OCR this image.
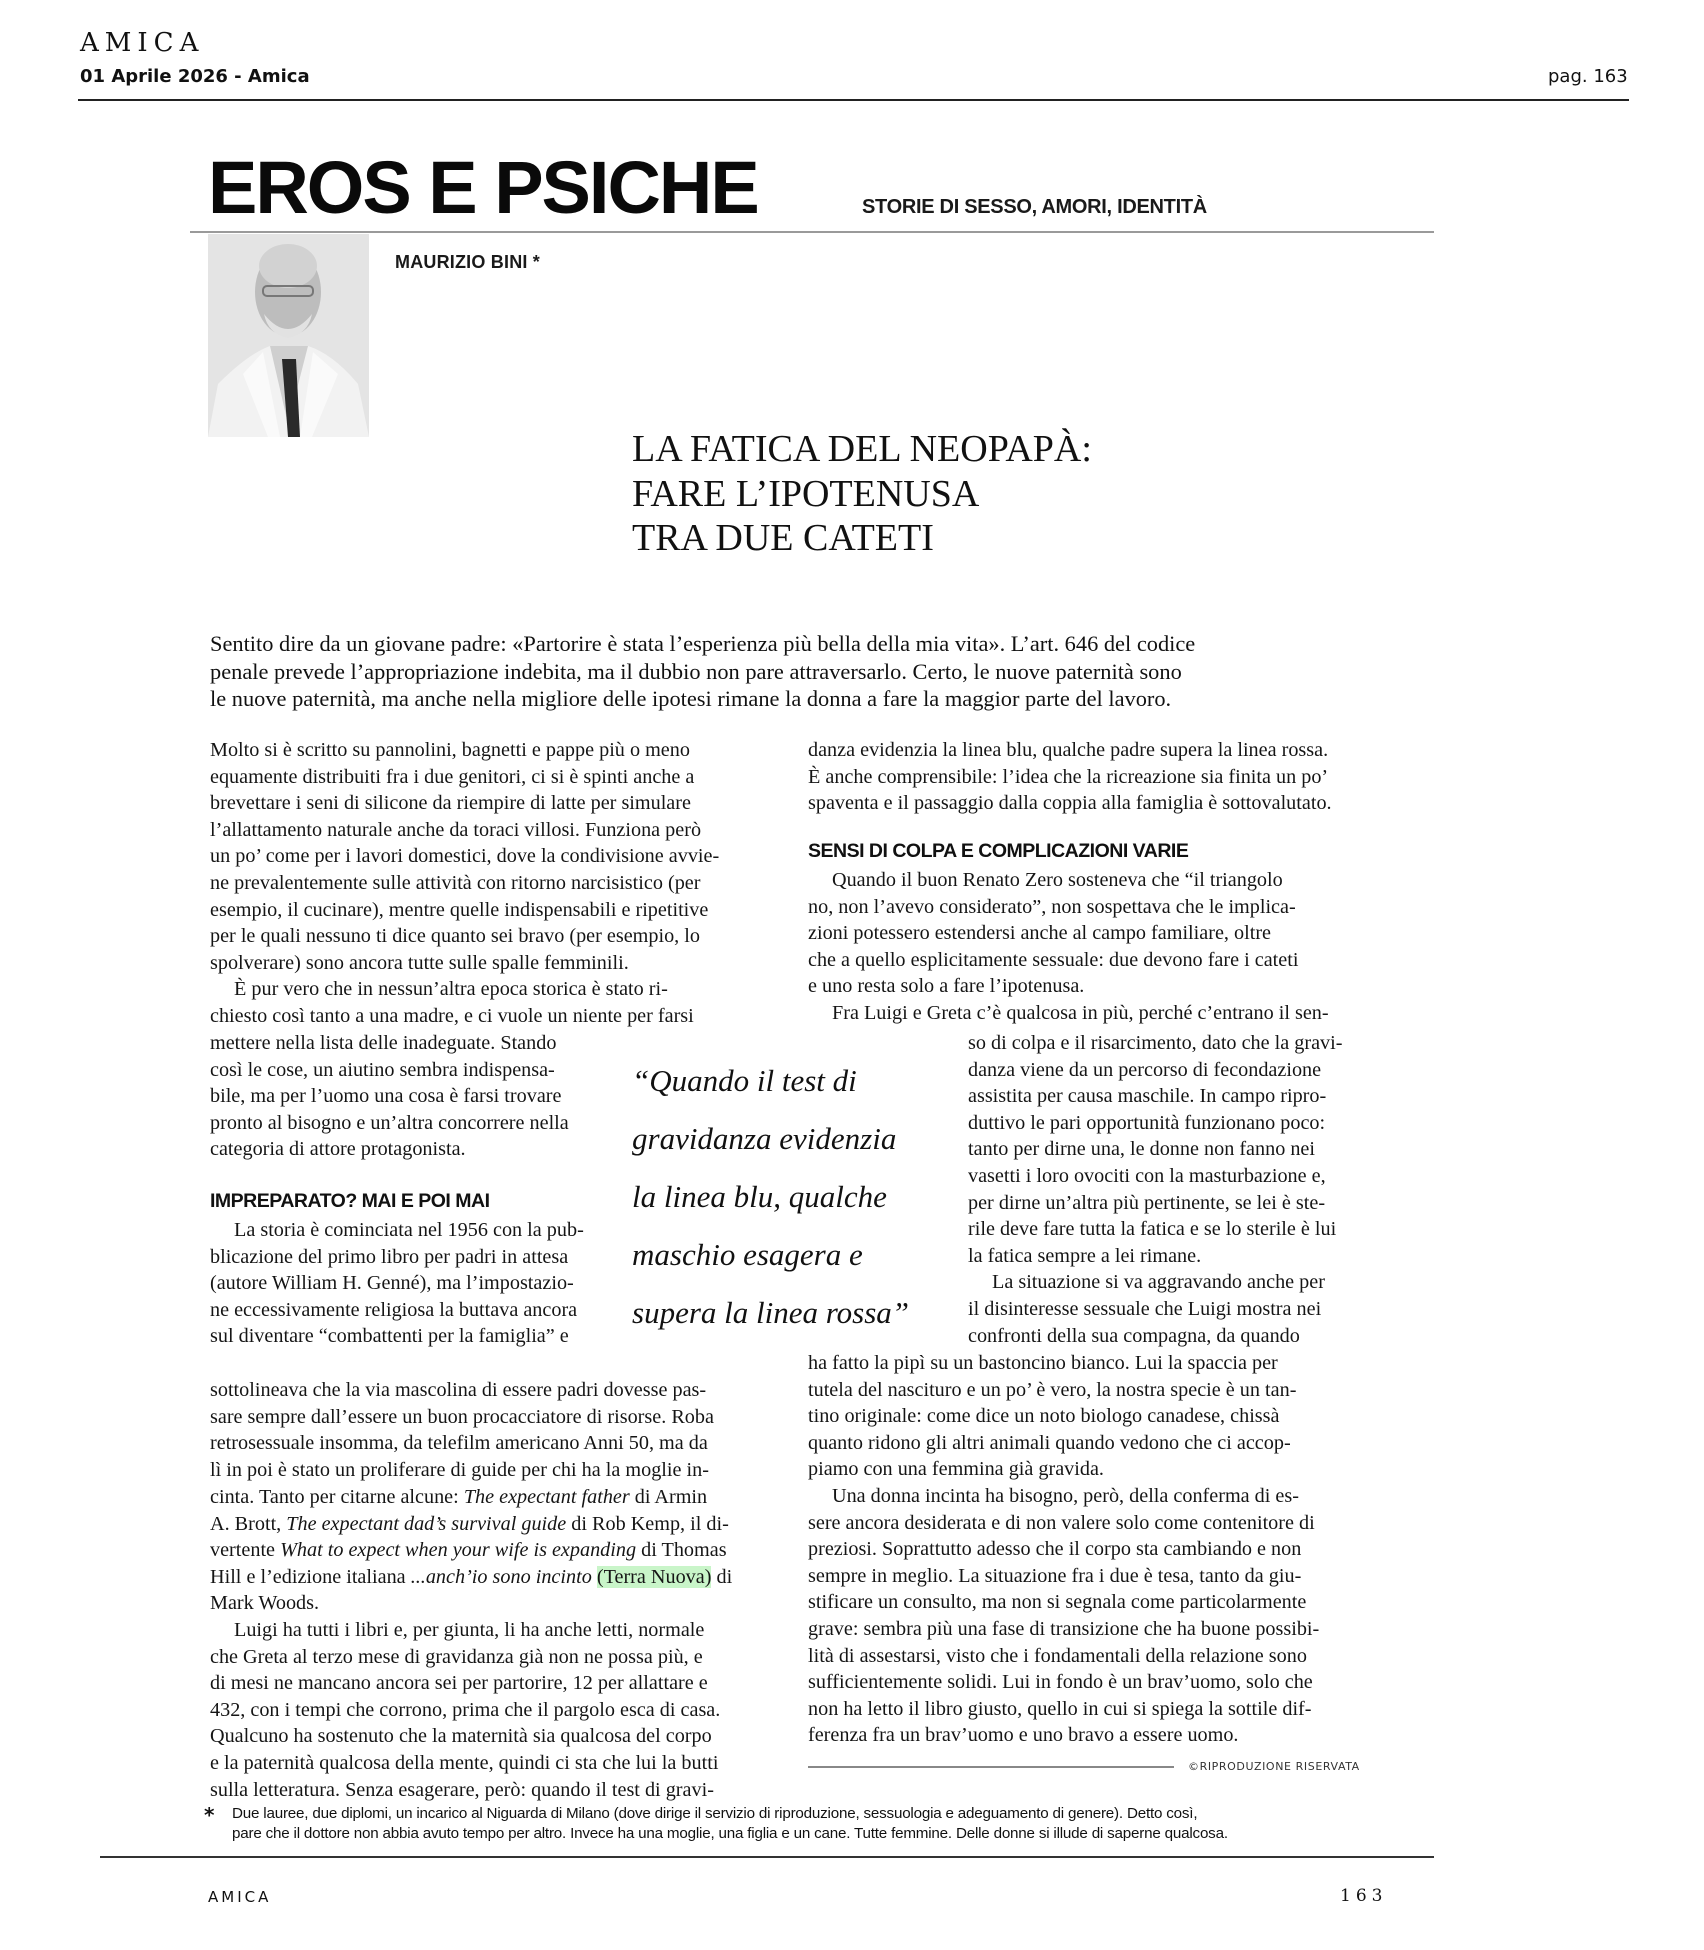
AMICA
01 Aprile 2026 - Amica	pag. 163
EROS E PSICHE	STORIE DI SESSO, AMORI, IDENTITÀ
MAURIZIO BINI *
LA FATICA DEL NEOPAPÀ:
FARE L’IPOTENUSA
TRA DUE CATETI
Sentito dire da un giovane padre: «Partorire è stata l’esperienza più bella della mia vita». L’art. 646 del codice
penale prevede l’appropriazione indebita, ma il dubbio non pare attraversarlo. Certo, le nuove paternità sono
le nuove paternità, ma anche nella migliore delle ipotesi rimane la donna a fare la maggior parte del lavoro.
Molto si è scritto su pannolini, bagnetti e pappe più o meno
equamente distribuiti fra i due genitori, ci si è spinti anche a
brevettare i seni di silicone da riempire di latte per simulare
l’allattamento naturale anche da toraci villosi. Funziona però
un po’ come per i lavori domestici, dove la condivisione avvie-
ne prevalentemente sulle attività con ritorno narcisistico (per
esempio, il cucinare), mentre quelle indispensabili e ripetitive
per le quali nessuno ti dice quanto sei bravo (per esempio, lo
spolverare) sono ancora tutte sulle spalle femminili.
È pur vero che in nessun’altra epoca storica è stato ri-
chiesto così tanto a una madre, e ci vuole un niente per farsi
mettere nella lista delle inadeguate. Stando
così le cose, un aiutino sembra indispensa-
bile, ma per l’uomo una cosa è farsi trovare
pronto al bisogno e un’altra concorrere nella
categoria di attore protagonista.
La storia è cominciata nel 1956 con la pub-
blicazione del primo libro per padri in attesa
(autore William H. Genné), ma l’impostazio-
ne eccessivamente religiosa la buttava ancora
sul diventare “combattenti per la famiglia” e
sottolineava che la via mascolina di essere padri dovesse pas-
sare sempre dall’essere un buon procacciatore di risorse. Roba
retrosessuale insomma, da telefilm americano Anni 50, ma da
lì in poi è stato un proliferare di guide per chi ha la moglie in-
Luigi ha tutti i libri e, per giunta, li ha anche letti, normale
che Greta al terzo mese di gravidanza già non ne possa più, e
di mesi ne mancano ancora sei per partorire, 12 per allattare e
432, con i tempi che corrono, prima che il pargolo esca di casa.
Qualcuno ha sostenuto che la maternità sia qualcosa del corpo
e la paternità qualcosa della mente, quindi ci sta che lui la butti
sulla letteratura. Senza esagerare, però: quando il test di gravi-
danza evidenzia la linea blu, qualche padre supera la linea rossa.
È anche comprensibile: l’idea che la ricreazione sia finita un po’
spaventa e il passaggio dalla coppia alla famiglia è sottovalutato.
Quando il buon Renato Zero sosteneva che “il triangolo
no, non l’avevo considerato”, non sospettava che le implica-
zioni potessero estendersi anche al campo familiare, oltre
che a quello esplicitamente sessuale: due devono fare i cateti
e uno resta solo a fare l’ipotenusa.
Fra Luigi e Greta c’è qualcosa in più, perché c’entrano il sen-
so di colpa e il risarcimento, dato che la gravi-
danza viene da un percorso di fecondazione
assistita per causa maschile. In campo ripro-
duttivo le pari opportunità funzionano poco:
tanto per dirne una, le donne non fanno nei
vasetti i loro ovociti con la masturbazione e,
per dirne un’altra più pertinente, se lei è ste-
rile deve fare tutta la fatica e se lo sterile è lui
la fatica sempre a lei rimane.
La situazione si va aggravando anche per
il disinteresse sessuale che Luigi mostra nei
confronti della sua compagna, da quando
ha fatto la pipì su un bastoncino bianco. Lui la spaccia per
tutela del nascituro e un po’ è vero, la nostra specie è un tan-
tino originale: come dice un noto biologo canadese, chissà
quanto ridono gli altri animali quando vedono che ci accop-
piamo con una femmina già gravida.
Una donna incinta ha bisogno, però, della conferma di es-
sere ancora desiderata e di non valere solo come contenitore di
preziosi. Soprattutto adesso che il corpo sta cambiando e non
sempre in meglio. La situazione fra i due è tesa, tanto da giu-
stificare un consulto, ma non si segnala come particolarmente
grave: sembra più una fase di transizione che ha buone possibi-
lità di assestarsi, visto che i fondamentali della relazione sono
sufficientemente solidi. Lui in fondo è un brav’uomo, solo che
non ha letto il libro giusto, quello in cui si spiega la sottile dif-
ferenza fra un brav’uomo e uno bravo a essere uomo.
IMPREPARATO? MAI E POI MAI
SENSI DI COLPA E COMPLICAZIONI VARIE
“Quando il test di
gravidanza evidenzia
la linea blu, qualche
maschio esagera e
supera la linea rossa”
cinta. Tanto per citarne alcune: The expectant father di Armin
A. Brott, The expectant dad’s survival guide di Rob Kemp, il di-
vertente What to expect when your wife is expanding di Thomas
Hill e l’edizione italiana ...anch’io sono incinto (Terra Nuova) di
Mark Woods.
©RIPRODUZIONE RISERVATA
* Due lauree, due diplomi, un incarico al Niguarda di Milano (dove dirige il servizio di riproduzione, sessuologia e adeguamento di genere). Detto così,
pare che il dottore non abbia avuto tempo per altro. Invece ha una moglie, una figlia e un cane. Tutte femmine. Delle donne si illude di saperne qualcosa.
AMICA	163
